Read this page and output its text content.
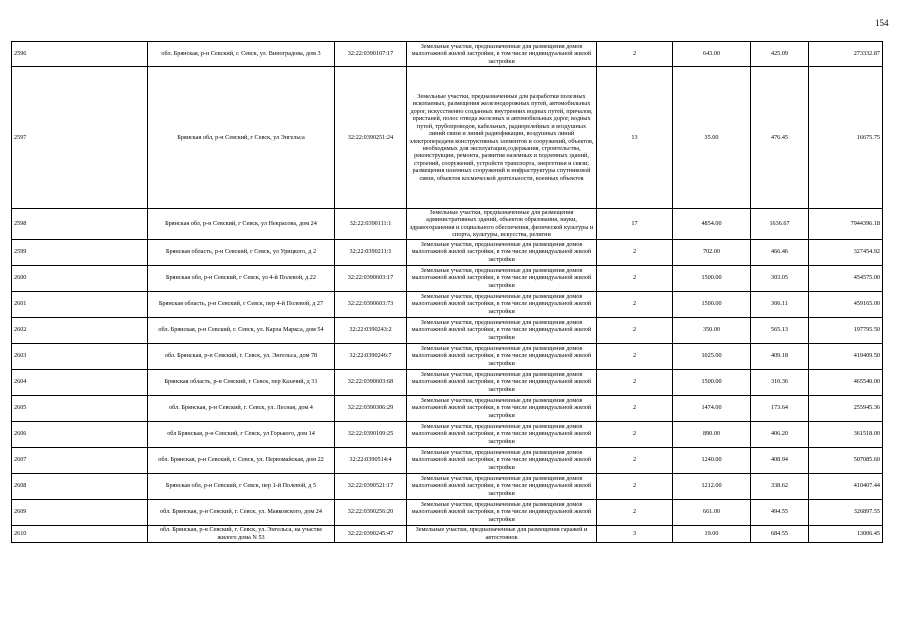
154
2596	обл. Брянская, р-н Севский, г. Севск, ул. Виноградова, дом 3	32:22:0390107:17	Земельные участки, предназначенные для размещения домов малоэтажной жилой застройки, в том числе индивидуальной жилой застройки	2	643.00	425.09	273332.87
2597	Брянская обл, р-н Севский, г Севск, ул Энгельса	32:22:0390251:24	Земельные участки, предназначенные для разработки полезных ископаемых, размещения железнодорожных путей, автомобильных дорог, искусственно созданных внутренних водных путей, причалов, пристаней, полос отвода железных и автомобильных дорог, водных путей, трубопроводов, кабельных, радиорелейных и воздушных линий связи и линий радиофикации, воздушных линий электропередачи конструктивных элементов и сооружений, объектов, необходимых для эксплуатации,содержания, строительства, реконструкции, ремонта, развития наземных и подземных зданий, строений, сооружений, устройств транспорта, энергетики и связи; размещения наземных сооружений и инфраструктуры спутниковой связи, объектов космической деятельности, военных объектов	13	35.00	476.45	16675.75
2598	Брянская обл, р-н Севский, г Севск, ул Некрасова, дом 24	32:22:0390111:1	Земельные участки, предназначенные для размещения административных зданий, объектов образования, науки, здравоохранения и социального обеспечения, физической культуры и спорта, культуры, искусства, религии	17	4854.00	1636.67	7944396.18
2599	Брянская область, р-н Севский, г Севск, ул Урицкого, д 2	32:22:0390211:1	Земельные участки, предназначенные для размещения домов малоэтажной жилой застройки, в том числе индивидуальной жилой застройки	2	702.00	466.46	327454.92
2600	Брянская обл, р-н Севский, г Севск, ул 4-й Полевой, д 22	32:22:0390603:17	Земельные участки, предназначенные для размещения домов малоэтажной жилой застройки, в том числе индивидуальной жилой застройки	2	1500.00	303.05	454575.00
2601	Брянская область, р-н Севский, г Севск, пер 4-й Полевой, д 27	32:22:0390603:73	Земельные участки, предназначенные для размещения домов малоэтажной жилой застройки, в том числе индивидуальной жилой застройки	2	1500.00	306.11	459165.00
2602	обл. Брянская, р-н Севский, г. Севск, ул. Карла Маркса, дом 54	32:22:0390243:2	Земельные участки, предназначенные для размещения домов малоэтажной жилой застройки, в том числе индивидуальной жилой застройки	2	350.00	565.13	197795.50
2603	обл. Брянская, р-н Севский, г. Севск, ул. Энгельса, дом 78	32:22:0390246:7	Земельные участки, предназначенные для размещения домов малоэтажной жилой застройки, в том числе индивидуальной жилой застройки	2	1025.00	409.18	419409.50
2604	Брянская область, р-н Севский, г Севск, пер Казачий, д 31	32:22:0390603:68	Земельные участки, предназначенные для размещения домов малоэтажной жилой застройки, в том числе индивидуальной жилой застройки	2	1500.00	310.36	465540.00
2605	обл. Брянская, р-н Севский, г. Севск, ул. Лесная, дом 4	32:22:0390306:29	Земельные участки, предназначенные для размещения домов малоэтажной жилой застройки, в том числе индивидуальной жилой застройки	2	1474.00	173.64	255945.36
2606	обл Брянская, р-н Севский, г Севск, ул Горького, дом 14	32:22:0390109:25	Земельные участки, предназначенные для размещения домов малоэтажной жилой застройки, в том числе индивидуальной жилой застройки	2	890.00	406.20	361518.00
2607	обл. Брянская, р-н Севский, г. Севск, ул. Первомайская, дом 22	32:22:0390514:4	Земельные участки, предназначенные для размещения домов малоэтажной жилой застройки, в том числе индивидуальной жилой застройки	2	1240.00	408.94	507085.60
2608	Брянская обл, р-н Севский, г Севск, пер 1-й Полевой, д 5	32:22:0390521:17	Земельные участки, предназначенные для размещения домов малоэтажной жилой застройки, в том числе индивидуальной жилой застройки	2	1212.00	338.62	410407.44
2609	обл. Брянская, р-н Севский, г. Севск, ул. Маяковского, дом 24	32:22:0390256:20	Земельные участки, предназначенные для размещения домов малоэтажной жилой застройки, в том числе индивидуальной жилой застройки	2	661.00	494.55	326897.55
2610	обл. Брянская, р-н Севский, г. Севск, ул. Энгельса, на участке жилого дома N 53	32:22:0390245:47	Земельные участки, предназначенные для размещения гаражей и автостоянок	3	19.00	684.55	13006.45
